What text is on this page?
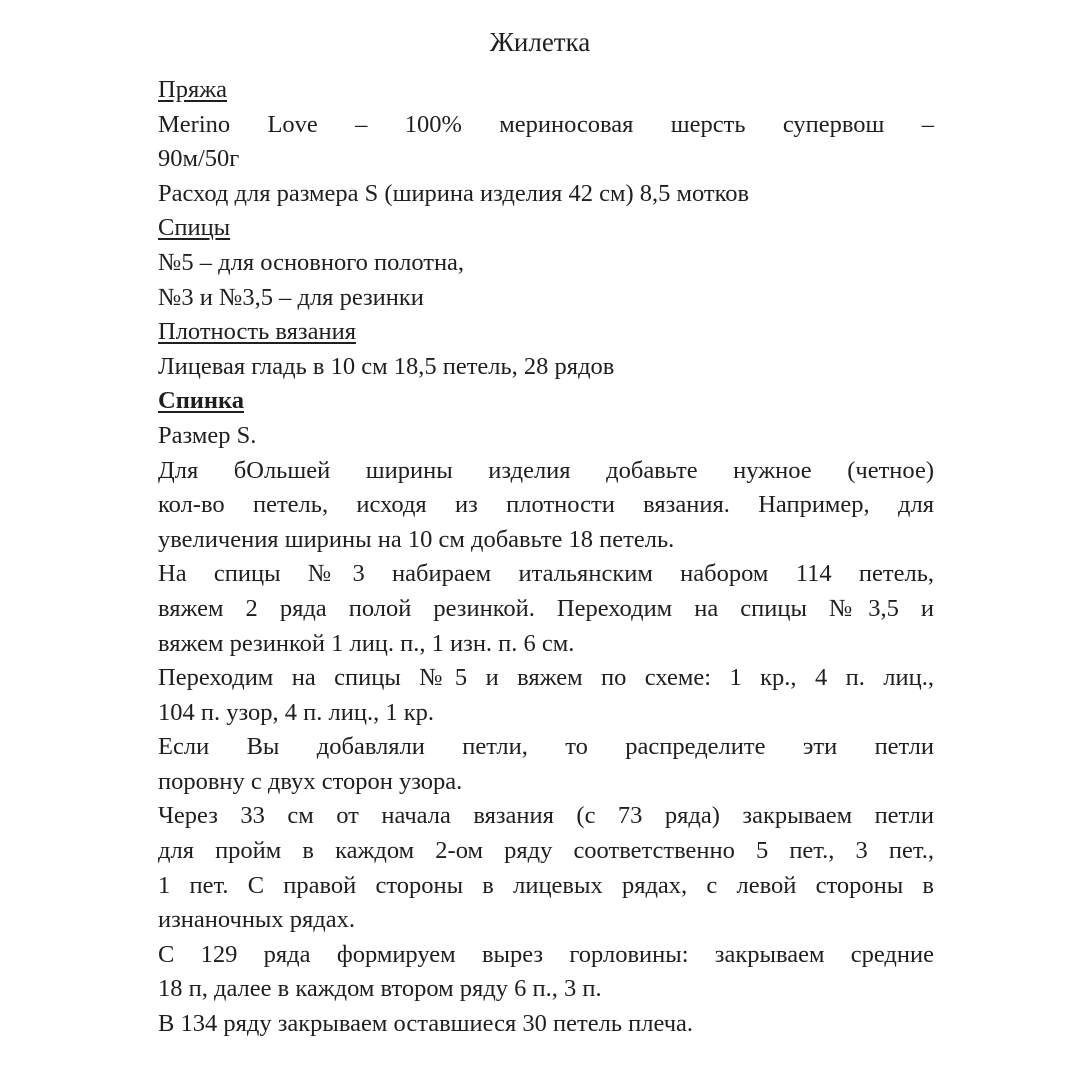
Жилетка
Пряжа
Merino Love – 100% мериносовая шерсть супервош –
90м/50г
Расход для размера S (ширина изделия 42 см) 8,5 мотков
Спицы
№5 – для основного полотна,
№3 и №3,5 – для резинки
Плотность вязания
Лицевая гладь в 10 см 18,5 петель, 28 рядов
Спинка
Размер S.
Для бОльшей ширины изделия добавьте нужное (четное)
кол-во петель, исходя из плотности вязания. Например, для
увеличения ширины на 10 см добавьте 18 петель.
На спицы №3 набираем итальянским набором 114 петель,
вяжем 2 ряда полой резинкой. Переходим на спицы №3,5 и
вяжем резинкой 1 лиц. п., 1 изн. п. 6 см.
Переходим на спицы №5 и вяжем по схеме: 1 кр., 4 п. лиц.,
104 п. узор, 4 п. лиц., 1 кр.
Если Вы добавляли петли, то распределите эти петли
поровну с двух сторон узора.
Через 33 см от начала вязания (с 73 ряда) закрываем петли
для пройм в каждом 2-ом ряду соответственно 5 пет., 3 пет.,
1 пет. С правой стороны в лицевых рядах, с левой стороны в
изнаночных рядах.
С 129 ряда формируем вырез горловины: закрываем средние
18 п, далее в каждом втором ряду 6 п., 3 п.
В 134 ряду закрываем оставшиеся 30 петель плеча.
